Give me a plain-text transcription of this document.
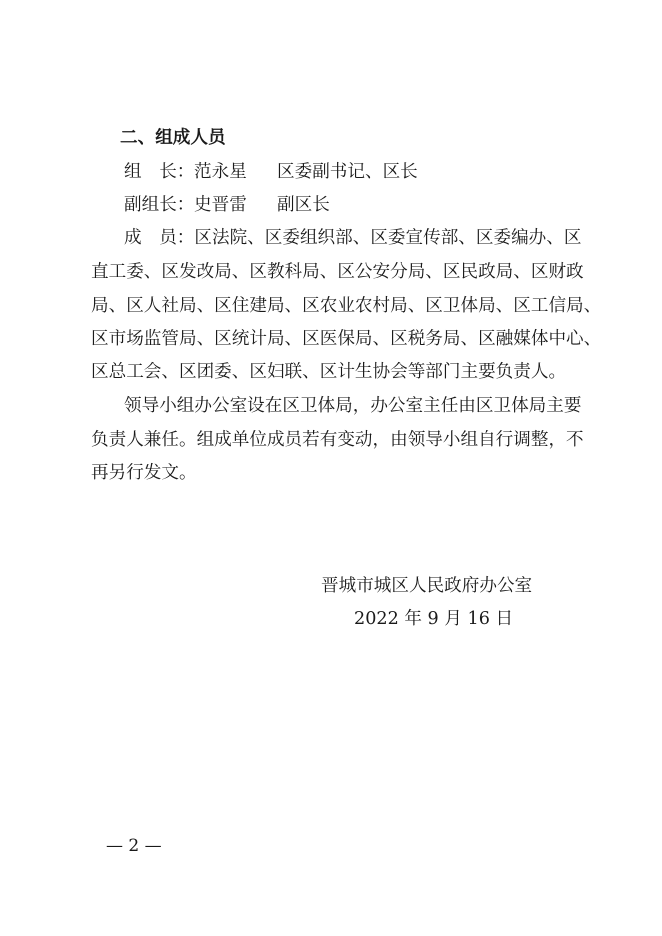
二、组成人员
组　长： 范永星 区委副书记、区长
副组长： 史晋雷 副区长
成　员：区法院、区委组织部、区委宣传部、区委编办、区
直工委、区发改局、区教科局、区公安分局、区民政局、区财政
局、区人社局、区住建局、区农业农村局、区卫体局、区工信局、
区市场监管局、区统计局、区医保局、区税务局、区融媒体中心、
区总工会、区团委、区妇联、区计生协会等部门主要负责人。
领导小组办公室设在区卫体局，办公室主任由区卫体局主要
负责人兼任。组成单位成员若有变动，由领导小组自行调整，不
再另行发文。
晋城市城区人民政府办公室
2022 年 9 月 16 日
— 2 —
